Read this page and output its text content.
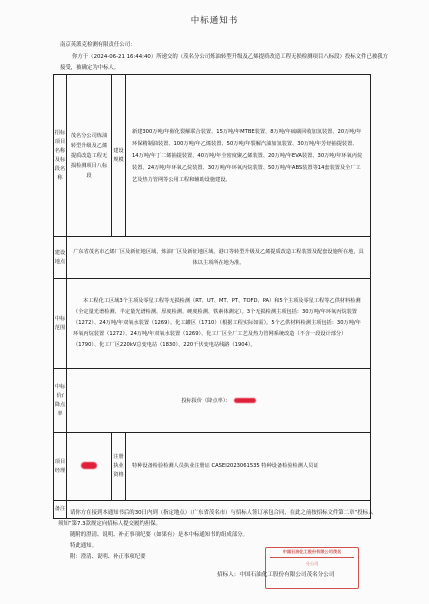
中标通知书
南京英派克检测有限责任公司：
你方于（2024-06-21 16:44:40）所递交的（茂名分公司炼油转型升级及乙烯提质改造工程无损检测项目八标段）投标文件已被我方接受，被确定为中标人。
招标项目名称及标段名称	茂名分公司炼油转型升级及乙烯提质改造工程无损检测项目八标段	建设规模	新建300万吨/年催化裂解联合装置、15万吨/年MTBE装置、8万吨/年硫磺回收加氢装置、20万吨/年环保精制油装置、100万吨/年乙烯装置、50万吨/年裂解汽油加氢装置、30万吨/年芳烃抽提装置、14万吨/年丁二烯抽提装置、40万吨/年全密度聚乙烯装置、20万吨/年EVA装置、30万吨/年环氧丙烷装置、24万吨/年环氧乙烷装置、30万吨/年环氧丙烷装置、50万吨/年ABS装置等14套装置及全厂工艺及热力管网等公用工程和辅助设施建设。
建设地点	广东省茂名市乙烯厂区及新征地区域、炼油厂区及新征地区域、港口等转型升级及乙烯提质改造工程装置及配套设施所在地，具体以主项所在地为准。		
中标范围	本工程化工区域3个主项及零星工程等无损检测（RT、UT、MT、PT、TOFD、PA）和5个主项及零星工程等乙供材料检测（全定量光谱检测、半定量光谱检测、厚度检测、硬度检测、铁素体测定）。3个无损检测主项包括：30万吨/年环氧丙烷装置（1272）、24万吨/年双氧水装置（1269）。化工罐区（1710）（根据工程实际如需）。5个乙供材料检测主项包括：30万吨/年环氧丙烷装置（1272）、24万吨/年双氧水装置（1269）、化工厂区全厂工艺及热力管网系统改造（不含一段设计部分）（1790）、化工厂区220kV总变电站（1830）、220千伏变电站线路（1904）。		
中标价/降点率	投标报价（降点率）：		
项目经理		注册执业资格	特种设备检验检测人员执业注册证 CASEI2023061535 特种设备检验检测人员证
备注			
请你方在接到本通知书后的30日内到（指定地点）（广东省茂名市）与招标人签订承包合同，在此之前按招标文件第二章“投标人须知”第7.3款规定向招标人提交履约担保。
随附的澄清、说明、补正事项纪要（如果有）是本中标通知书的组成部分。
特此通知。
附：澄清、说明、补正事项纪要
中国石油化工股份有限公司茂名
分公司
招标人：中国石油化工股份有限公司茂名分公司
